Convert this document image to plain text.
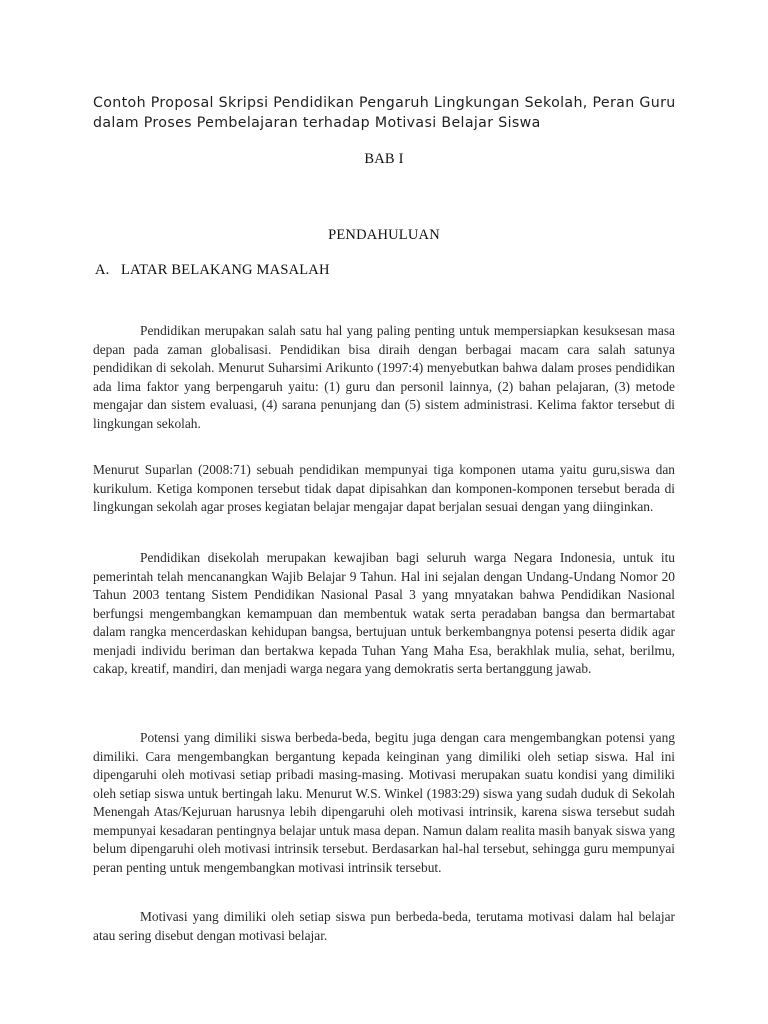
Contoh Proposal Skripsi Pendidikan Pengaruh Lingkungan Sekolah, Peran Guru dalam Proses Pembelajaran terhadap Motivasi Belajar Siswa
BAB I
PENDAHULUAN
A. LATAR BELAKANG MASALAH

Pendidikan merupakan salah satu hal yang paling penting untuk mempersiapkan kesuksesan masa depan pada zaman globalisasi. Pendidikan bisa diraih dengan berbagai macam cara salah satunya pendidikan di sekolah. Menurut Suharsimi Arikunto (1997:4) menyebutkan bahwa dalam proses pendidikan ada lima faktor yang berpengaruh yaitu: (1) guru dan personil lainnya, (2) bahan pelajaran, (3) metode mengajar dan sistem evaluasi, (4) sarana penunjang dan (5) sistem administrasi. Kelima faktor tersebut di lingkungan sekolah.

Menurut Suparlan (2008:71) sebuah pendidikan mempunyai tiga komponen utama yaitu guru,siswa dan kurikulum. Ketiga komponen tersebut tidak dapat dipisahkan dan komponen-komponen tersebut berada di lingkungan sekolah agar proses kegiatan belajar mengajar dapat berjalan sesuai dengan yang diinginkan.

Pendidikan disekolah merupakan kewajiban bagi seluruh warga Negara Indonesia, untuk itu pemerintah telah mencanangkan Wajib Belajar 9 Tahun. Hal ini sejalan dengan Undang-Undang Nomor 20 Tahun 2003 tentang Sistem Pendidikan Nasional Pasal 3 yang mnyatakan bahwa Pendidikan Nasional berfungsi mengembangkan kemampuan dan membentuk watak serta peradaban bangsa dan bermartabat dalam rangka mencerdaskan kehidupan bangsa, bertujuan untuk berkembangnya potensi peserta didik agar menjadi individu beriman dan bertakwa kepada Tuhan Yang Maha Esa, berakhlak mulia, sehat, berilmu, cakap, kreatif, mandiri, dan menjadi warga negara yang demokratis serta bertanggung jawab.

Potensi yang dimiliki siswa berbeda-beda, begitu juga dengan cara mengembangkan potensi yang dimiliki. Cara mengembangkan bergantung kepada keinginan yang dimiliki oleh setiap siswa. Hal ini dipengaruhi oleh motivasi setiap pribadi masing-masing. Motivasi merupakan suatu kondisi yang dimiliki oleh setiap siswa untuk bertingah laku. Menurut W.S. Winkel (1983:29) siswa yang sudah duduk di Sekolah Menengah Atas/Kejuruan harusnya lebih dipengaruhi oleh motivasi intrinsik, karena siswa tersebut sudah mempunyai kesadaran pentingnya belajar untuk masa depan. Namun dalam realita masih banyak siswa yang belum dipengaruhi oleh motivasi intrinsik tersebut. Berdasarkan hal-hal tersebut, sehingga guru mempunyai peran penting untuk mengembangkan motivasi intrinsik tersebut.

Motivasi yang dimiliki oleh setiap siswa pun berbeda-beda, terutama motivasi dalam hal belajar atau sering disebut dengan motivasi belajar.
